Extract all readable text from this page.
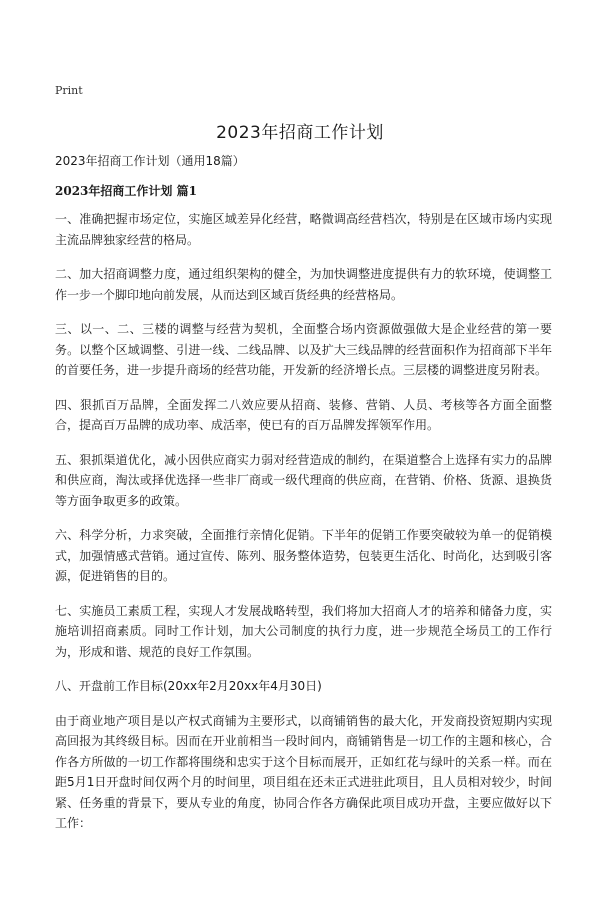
Print
2023年招商工作计划

2023年招商工作计划（通用18篇）

2023年招商工作计划 篇1

一、准确把握市场定位，实施区域差异化经营，略微调高经营档次，特别是在区域市场内实现主流品牌独家经营的格局。

二、加大招商调整力度，通过组织架构的健全，为加快调整进度提供有力的软环境，使调整工作一步一个脚印地向前发展，从而达到区域百货经典的经营格局。

三、以一、二、三楼的调整与经营为契机，全面整合场内资源做强做大是企业经营的第一要务。以整个区域调整、引进一线、二线品牌、以及扩大三线品牌的经营面积作为招商部下半年的首要任务，进一步提升商场的经营功能，开发新的经济增长点。三层楼的调整进度另附表。

四、狠抓百万品牌，全面发挥二八效应要从招商、装修、营销、人员、考核等各方面全面整合，提高百万品牌的成功率、成活率，使已有的百万品牌发挥领军作用。

五、狠抓渠道优化，减小因供应商实力弱对经营造成的制约，在渠道整合上选择有实力的品牌和供应商，淘汰或择优选择一些非厂商或一级代理商的供应商，在营销、价格、货源、退换货等方面争取更多的政策。

六、科学分析，力求突破，全面推行亲情化促销。下半年的促销工作要突破较为单一的促销模式，加强情感式营销。通过宣传、陈列、服务整体造势，包装更生活化、时尚化，达到吸引客源，促进销售的目的。

七、实施员工素质工程，实现人才发展战略转型，我们将加大招商人才的培养和储备力度，实施培训招商素质。同时工作计划，加大公司制度的执行力度，进一步规范全场员工的工作行为，形成和谐、规范的良好工作氛围。

八、开盘前工作目标(20xx年2月20xx年4月30日)

由于商业地产项目是以产权式商铺为主要形式，以商铺销售的最大化，开发商投资短期内实现高回报为其终级目标。因而在开业前相当一段时间内，商铺销售是一切工作的主题和核心，合作各方所做的一切工作都将围绕和忠实于这个目标而展开，正如红花与绿叶的关系一样。而在距5月1日开盘时间仅两个月的时间里，项目组在还未正式进驻此项目，且人员相对较少，时间紧、任务重的背景下，要从专业的角度，协同合作各方确保此项目成功开盘，主要应做好以下工作：
